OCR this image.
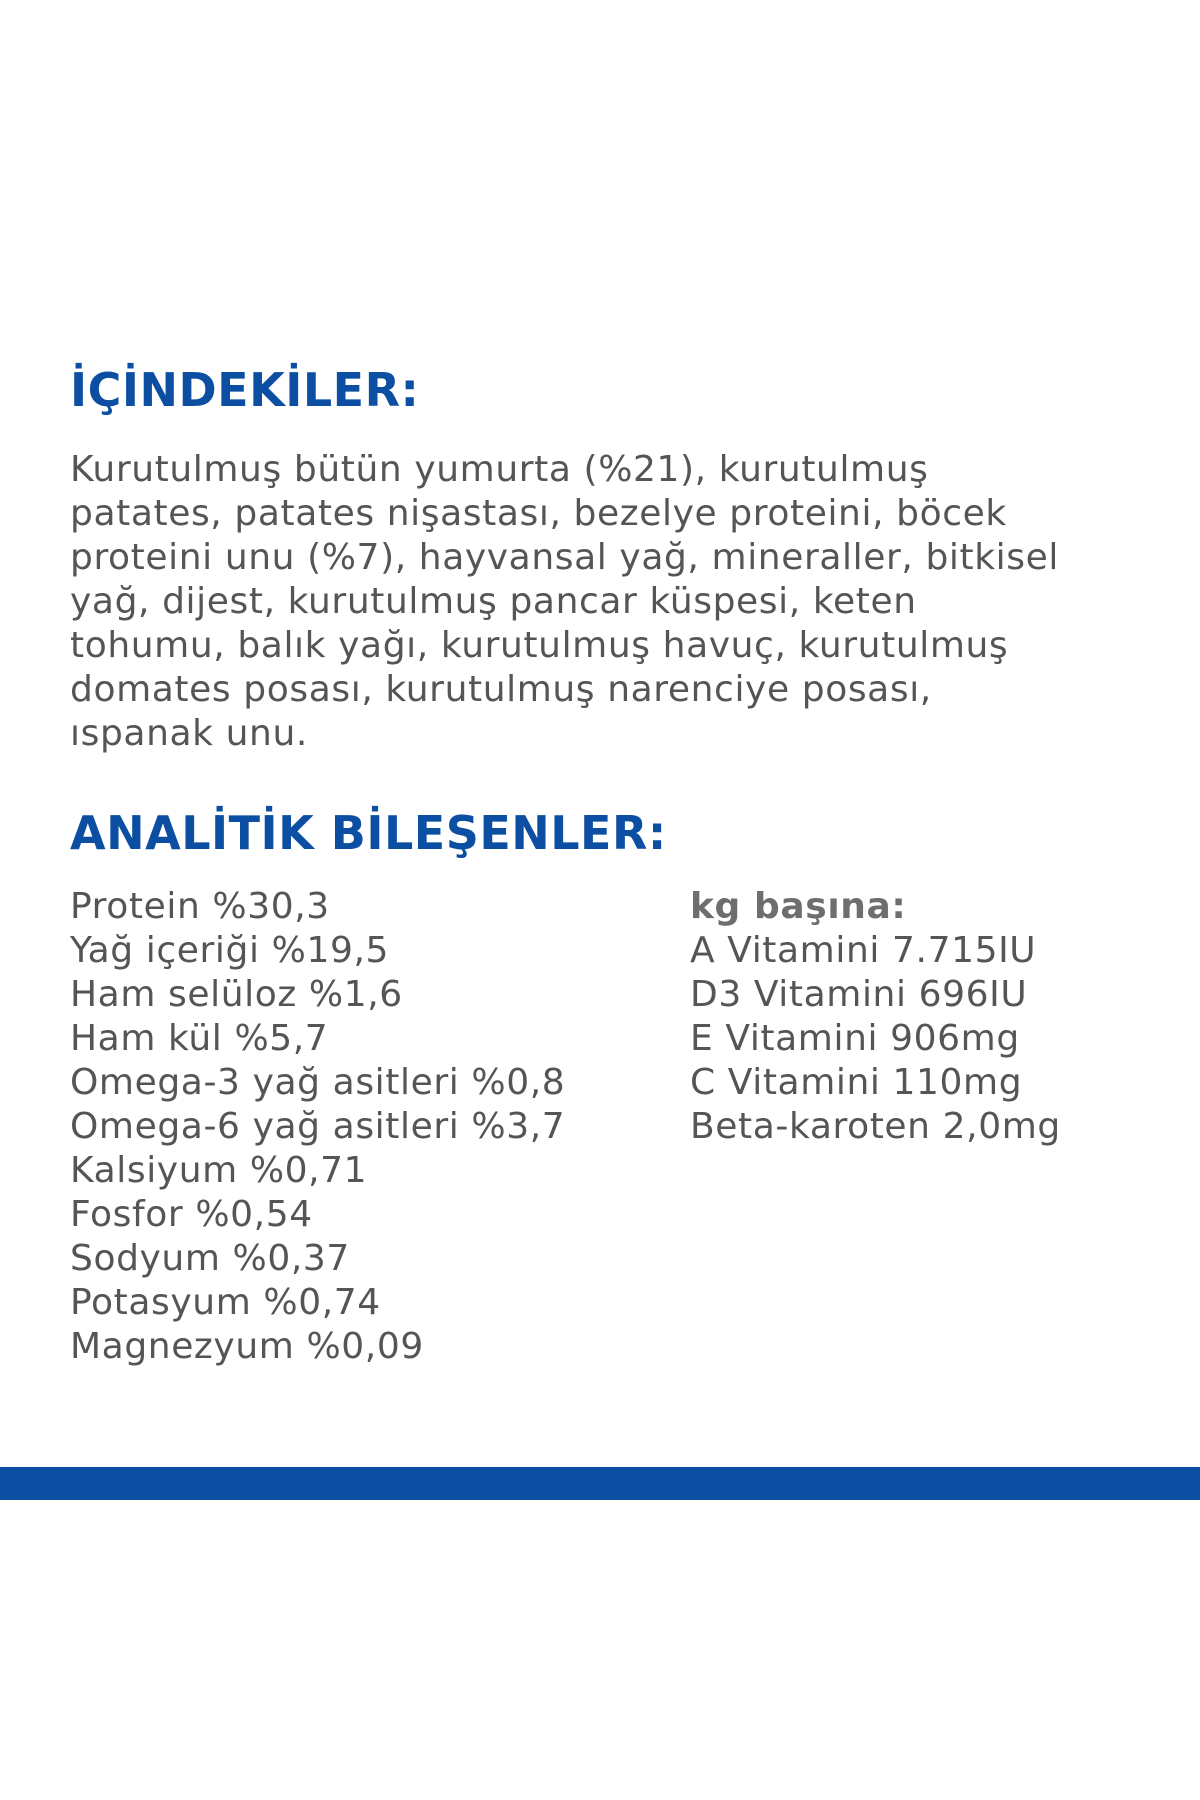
İÇİNDEKİLER:

Kurutulmuş bütün yumurta (%21), kurutulmuş
patates, patates nişastası, bezelye proteini, böcek
proteini unu (%7), hayvansal yağ, mineraller, bitkisel
yağ, dijest, kurutulmuş pancar küspesi, keten
tohumu, balık yağı, kurutulmuş havuç, kurutulmuş
domates posası, kurutulmuş narenciye posası,
ıspanak unu.

ANALİTİK BİLEŞENLER:
Protein %30,3
Yağ içeriği %19,5
Ham selüloz %1,6
Ham kül %5,7
Omega-3 yağ asitleri %0,8
Omega-6 yağ asitleri %3,7
Kalsiyum %0,71
Fosfor %0,54
Sodyum %0,37
Potasyum %0,74
Magnezyum %0,09
kg başına:
A Vitamini 7.715IU
D3 Vitamini 696IU
E Vitamini 906mg
C Vitamini 110mg
Beta-karoten 2,0mg
